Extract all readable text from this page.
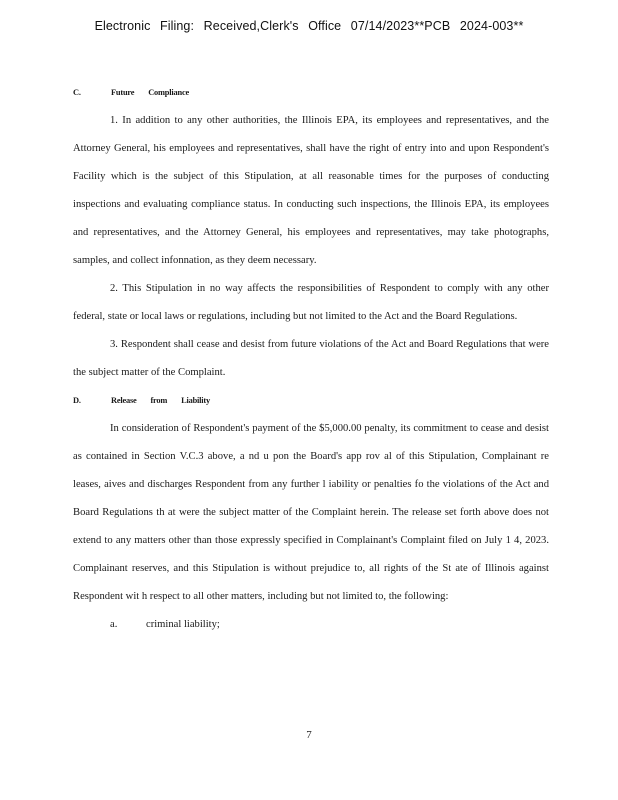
Electronic Filing: Received,Clerk's Office 07/14/2023**PCB 2024-003**
C.	Future Compliance

1. In addition to any other authorities, the Illinois EPA, its employees and representatives, and the Attorney General, his employees and representatives, shall have the right of entry into and upon Respondent's Facility which is the subject of this Stipulation, at all reasonable times for the purposes of conducting inspections and evaluating compliance status. In conducting such inspections, the Illinois EPA, its employees and representatives, and the Attorney General, his employees and representatives, may take photographs, samples, and collect infonnation, as they deem necessary.

2. This Stipulation in no way affects the responsibilities of Respondent to comply with any other federal, state or local laws or regulations, including but not limited to the Act and the Board Regulations.

3. Respondent shall cease and desist from future violations of the Act and Board Regulations that were the subject matter of the Complaint.

D.	Release from Liability

In consideration of Respondent's payment of the $5,000.00 penalty, its commitment to cease and desist as contained in Section V.C.3 above, a nd u pon the Board's app rov al of this Stipulation, Complainant re leases, aives and discharges Respondent from any further l iability or penalties fo the violations of the Act and Board Regulations th at were the subject matter of the Complaint herein. The release set forth above does not extend to any matters other than those expressly specified in Complainant's Complaint filed on July 1 4, 2023. Complainant reserves, and this Stipulation is without prejudice to, all rights of the St ate of Illinois against Respondent wit h respect to all other matters, including but not limited to, the following:

a.	criminal liability;
7
